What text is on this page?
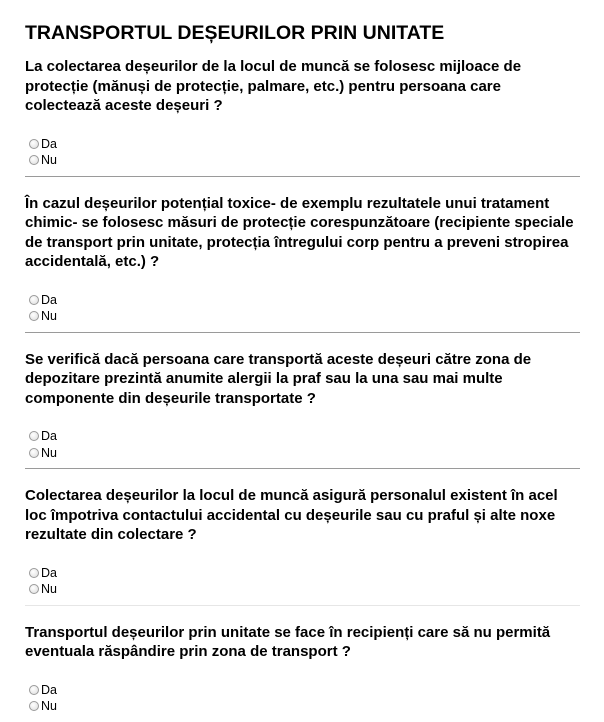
TRANSPORTUL DEȘEURILOR PRIN UNITATE

La colectarea deșeurilor de la locul de muncă se folosesc mijloace de protecție (mănuși de protecție, palmare, etc.) pentru persoana care colectează aceste deșeuri ?

Da
Nu

În cazul deșeurilor potențial toxice- de exemplu rezultatele unui tratament chimic- se folosesc măsuri de protecție corespunzătoare (recipiente speciale de transport prin unitate, protecția întregului corp pentru a preveni stropirea accidentală, etc.) ?

Da
Nu

Se verifică dacă persoana care transportă aceste deșeuri către zona de depozitare prezintă anumite alergii la praf sau la una sau mai multe componente din deșeurile transportate ?

Da
Nu

Colectarea deșeurilor la locul de muncă asigură personalul existent în acel loc împotriva contactului accidental cu deșeurile sau cu praful și alte noxe rezultate din colectare ?

Da
Nu

Transportul deșeurilor prin unitate se face în recipienți care să nu permită eventuala răspândire prin zona de transport ?

Da
Nu
